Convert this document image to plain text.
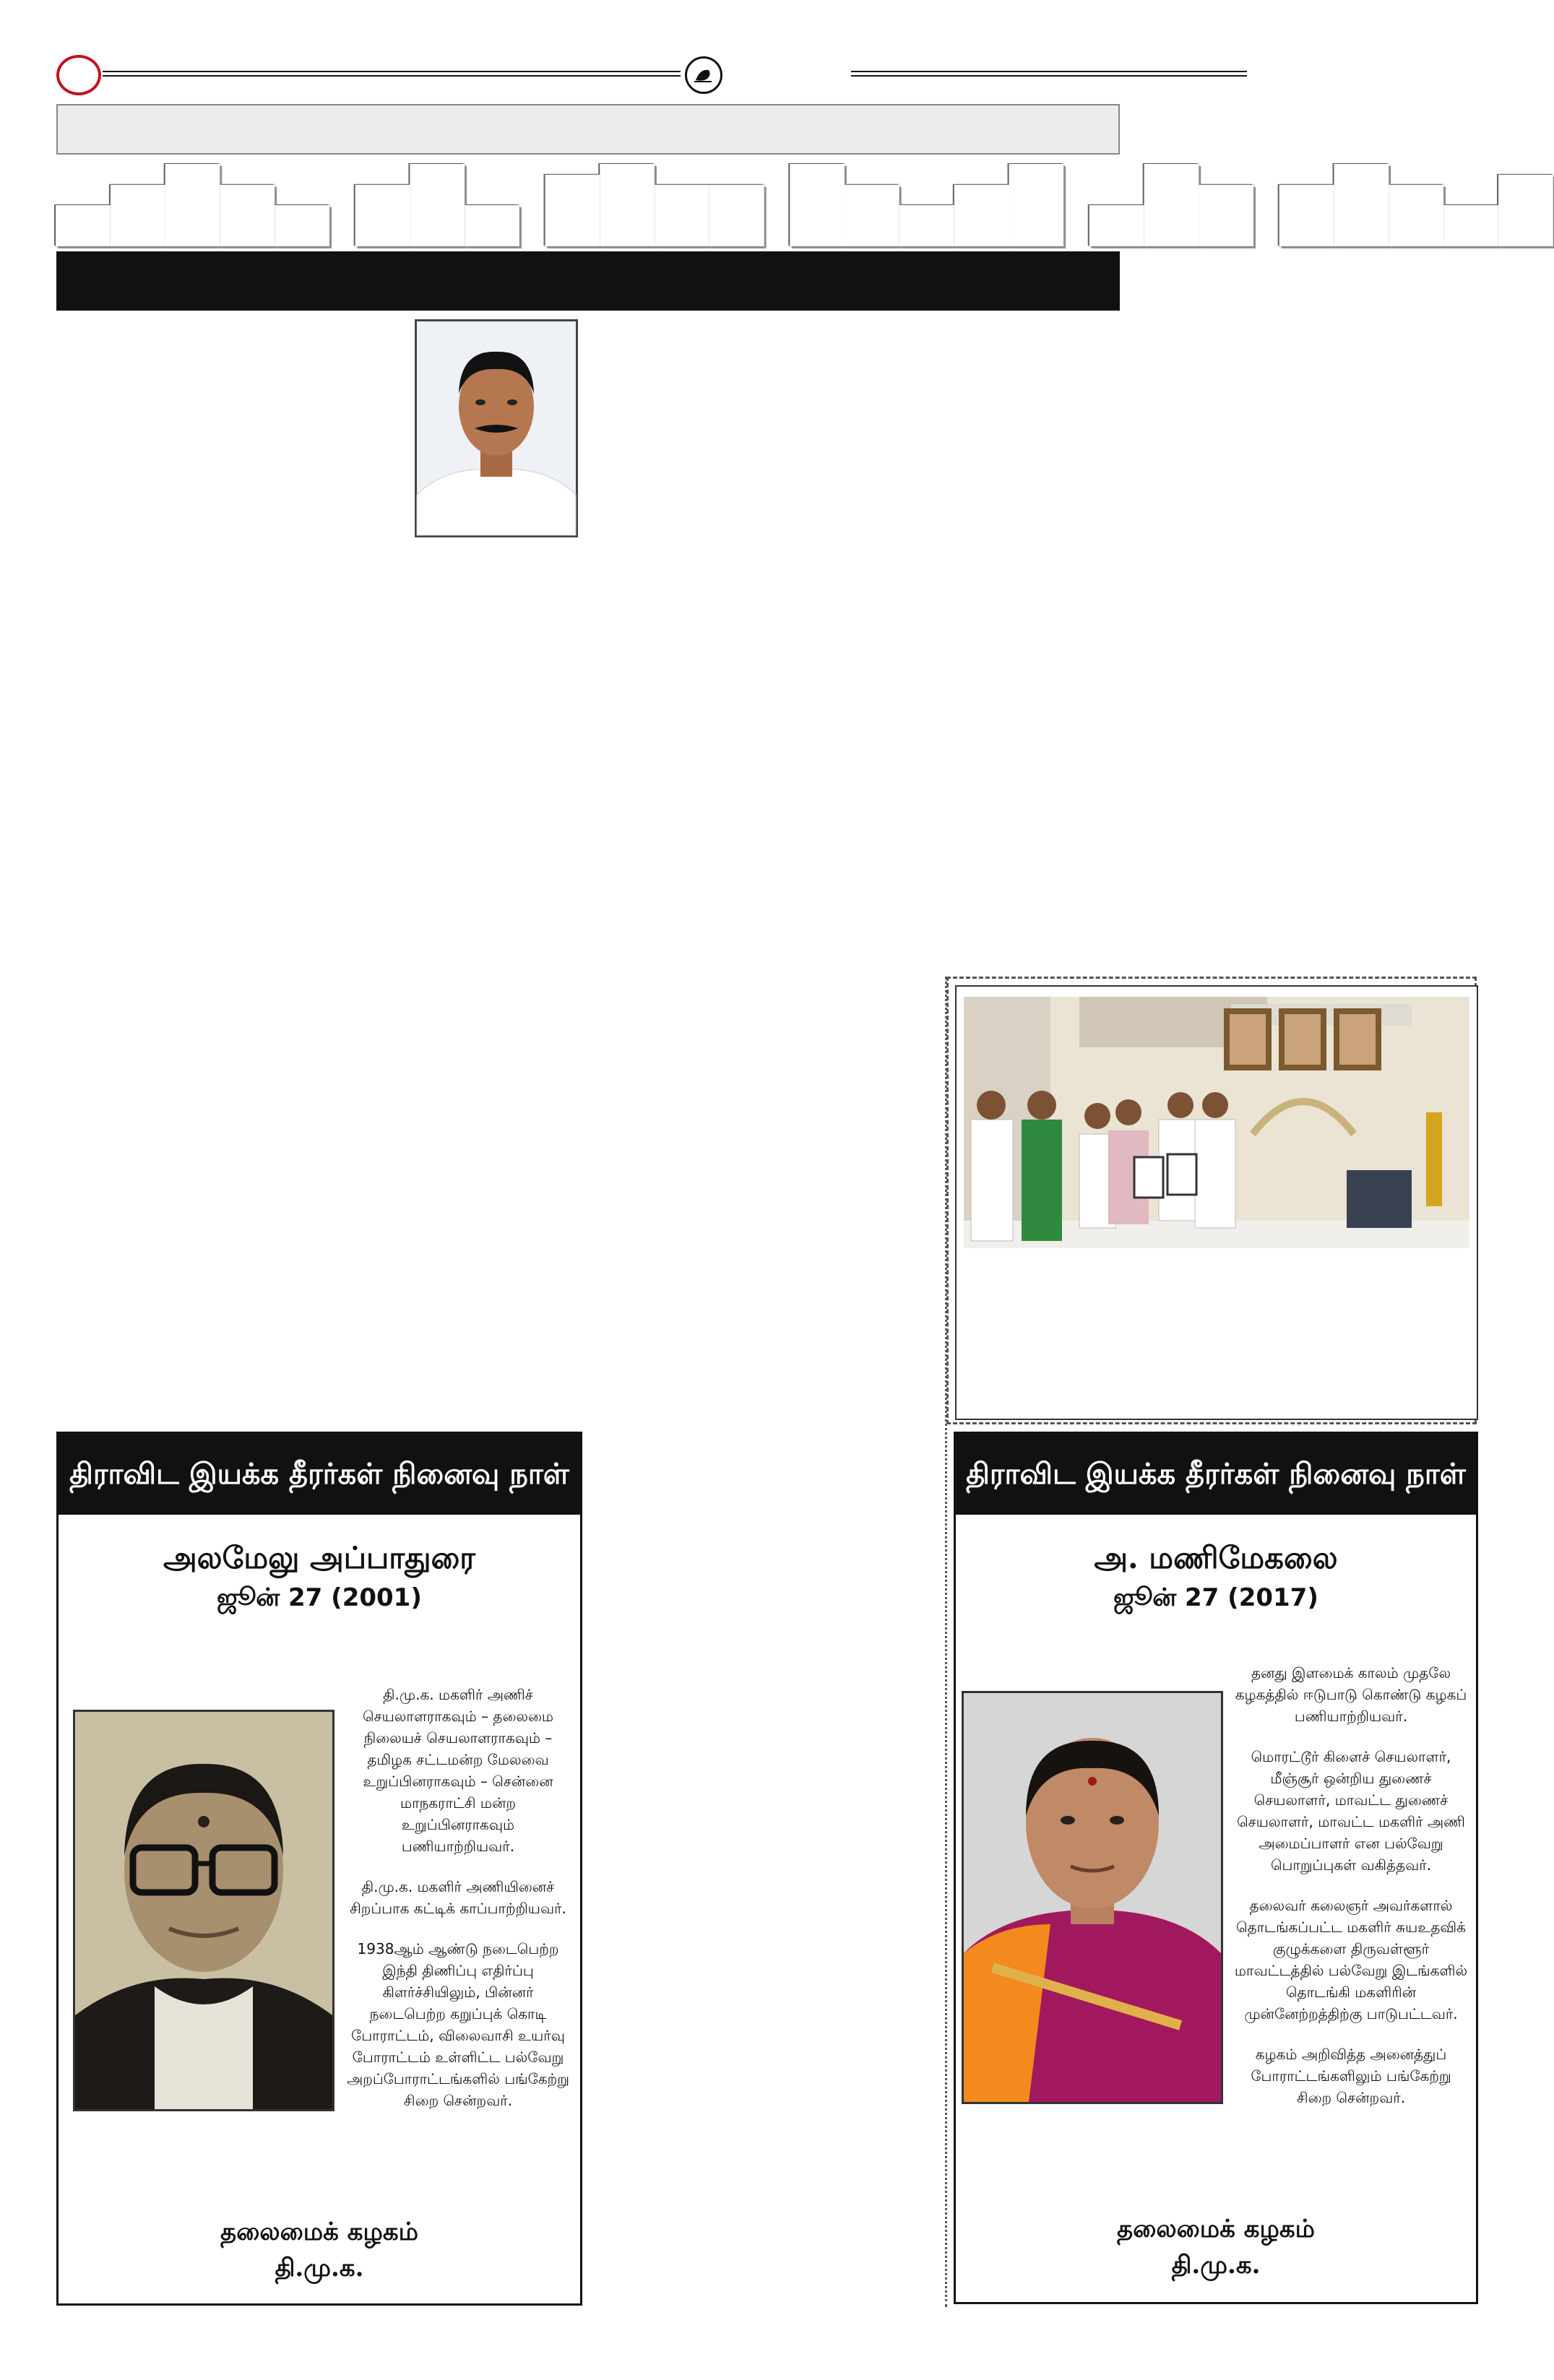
▄▆█▆▄ ▆█▄ ▇█▆▆ █▆▄▆█ ▄█▆ ▆█▆▄▇
திராவிட இயக்க தீரர்கள் நினைவு நாள்
அலமேலு அப்பாதுரை
ஜூன் 27 (2001)

தி.மு.க. மகளிர் அணிச் செயலாளராகவும் – தலைமை நிலையச் செயலாளராகவும் – தமிழக சட்டமன்ற மேலவை உறுப்பினராகவும் – சென்னை மாநகராட்சி மன்ற உறுப்பினராகவும் பணியாற்றியவர்.

தி.மு.க. மகளிர் அணியினைச் சிறப்பாக கட்டிக் காப்பாற்றியவர்.

1938ஆம் ஆண்டு நடைபெற்ற இந்தி திணிப்பு எதிர்ப்பு கிளர்ச்சியிலும், பின்னர் நடைபெற்ற கறுப்புக் கொடி போராட்டம், விலைவாசி உயர்வு போராட்டம் உள்ளிட்ட பல்வேறு அறப்போராட்டங்களில் பங்கேற்று சிறை சென்றவர்.

தலைமைக் கழகம்
தி.மு.க.
திராவிட இயக்க தீரர்கள் நினைவு நாள்
அ. மணிமேகலை
ஜூன் 27 (2017)

தனது இளமைக் காலம் முதலே கழகத்தில் ஈடுபாடு கொண்டு கழகப் பணியாற்றியவர்.

மொரட்டூர் கிளைச் செயலாளர், மீஞ்சூர் ஒன்றிய துணைச் செயலாளர், மாவட்ட துணைச் செயலாளர், மாவட்ட மகளிர் அணி அமைப்பாளர் என பல்வேறு பொறுப்புகள் வகித்தவர்.

தலைவர் கலைஞர் அவர்களால் தொடங்கப்பட்ட மகளிர் சுயஉதவிக் குழுக்களை திருவள்ளூர் மாவட்டத்தில் பல்வேறு இடங்களில் தொடங்கி மகளிரின் முன்னேற்றத்திற்கு பாடுபட்டவர்.

கழகம் அறிவித்த அனைத்துப் போராட்டங்களிலும் பங்கேற்று சிறை சென்றவர்.

தலைமைக் கழகம்
தி.மு.க.
